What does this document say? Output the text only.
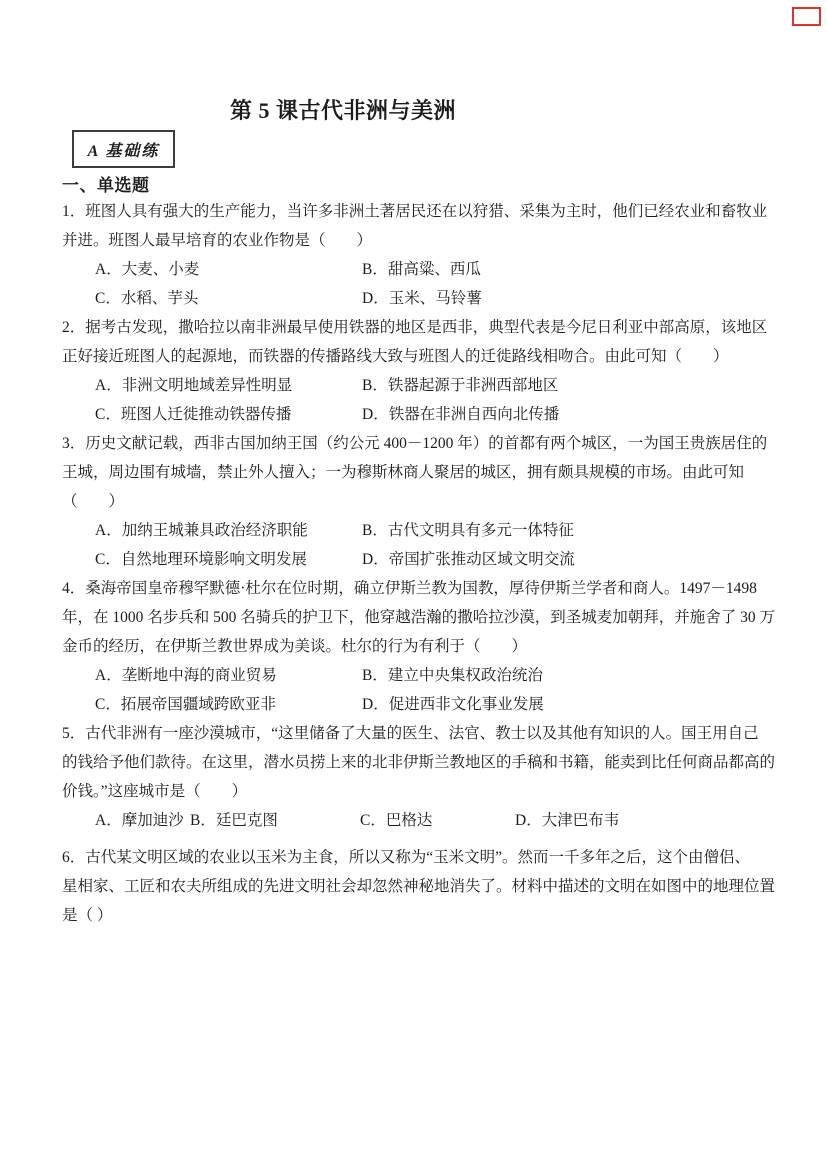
第 5 课古代非洲与美洲
A 基础练
一、单选题
1．班图人具有强大的生产能力，当许多非洲土著居民还在以狩猎、采集为主时，他们已经农业和畜牧业
并进。班图人最早培育的农业作物是（　　）
A．大麦、小麦	B．甜高粱、西瓜
C．水稻、芋头	D．玉米、马铃薯
2．据考古发现，撒哈拉以南非洲最早使用铁器的地区是西非，典型代表是今尼日利亚中部高原，该地区
正好接近班图人的起源地，而铁器的传播路线大致与班图人的迁徙路线相吻合。由此可知（　　）
A．非洲文明地域差异性明显	B．铁器起源于非洲西部地区
C．班图人迁徙推动铁器传播	D．铁器在非洲自西向北传播
3．历史文献记载，西非古国加纳王国（约公元 400－1200 年）的首都有两个城区，一为国王贵族居住的
王城，周边围有城墙，禁止外人擅入；一为穆斯林商人聚居的城区，拥有颇具规模的市场。由此可知
（　　）
A．加纳王城兼具政治经济职能	B．古代文明具有多元一体特征
C．自然地理环境影响文明发展	D．帝国扩张推动区域文明交流
4．桑海帝国皇帝穆罕默德·杜尔在位时期，确立伊斯兰教为国教，厚待伊斯兰学者和商人。1497－1498
年，在 1000 名步兵和 500 名骑兵的护卫下，他穿越浩瀚的撒哈拉沙漠，到圣城麦加朝拜，并施舍了 30 万
金币的经历，在伊斯兰教世界成为美谈。杜尔的行为有利于（　　）
A．垄断地中海的商业贸易	B．建立中央集权政治统治
C．拓展帝国疆域跨欧亚非	D．促进西非文化事业发展
5．古代非洲有一座沙漠城市，“这里储备了大量的医生、法官、教士以及其他有知识的人。国王用自己
的钱给予他们款待。在这里，潜水员捞上来的北非伊斯兰教地区的手稿和书籍，能卖到比任何商品都高的
价钱。”这座城市是（　　）
A．摩加迪沙 B．廷巴克图	C．巴格达	D．大津巴布韦
6．古代某文明区域的农业以玉米为主食，所以又称为“玉米文明”。然而一千多年之后，这个由僧侣、
星相家、工匠和农夫所组成的先进文明社会却忽然神秘地消失了。材料中描述的文明在如图中的地理位置
是（ ）
